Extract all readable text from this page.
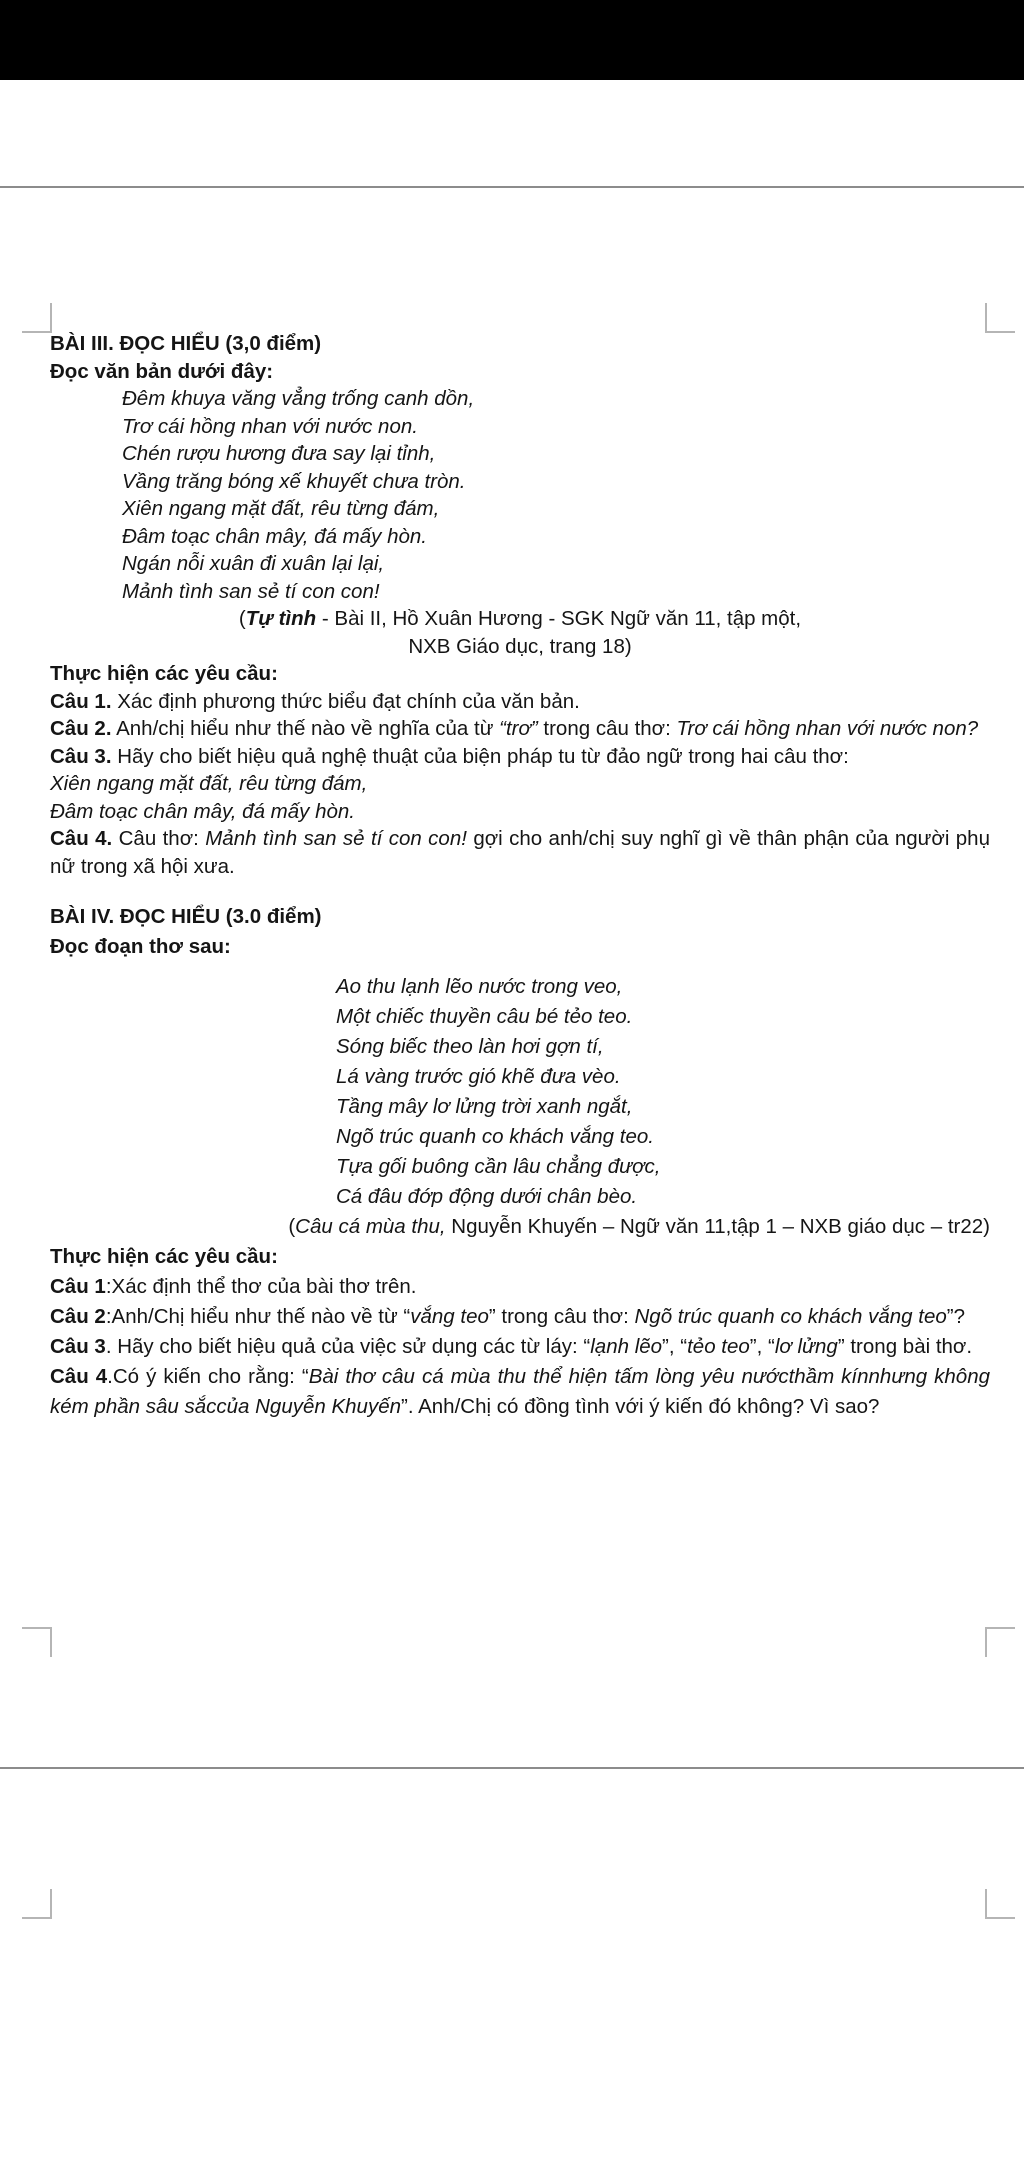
BÀI III. ĐỌC HIỂU (3,0 điểm)

Đọc văn bản dưới đây:

Đêm khuya văng vẳng trống canh dồn,

Trơ cái hồng nhan với nước non.

Chén rượu hương đưa say lại tỉnh,

Vầng trăng bóng xế khuyết chưa tròn.

Xiên ngang mặt đất, rêu từng đám,

Đâm toạc chân mây, đá mấy hòn.

Ngán nỗi xuân đi xuân lại lại,

Mảnh tình san sẻ tí con con!

(Tự tình - Bài II, Hồ Xuân Hương - SGK Ngữ văn 11, tập một,

NXB Giáo dục, trang 18)

Thực hiện các yêu cầu:

Câu 1. Xác định phương thức biểu đạt chính của văn bản.

Câu 2. Anh/chị hiểu như thế nào về nghĩa của từ “trơ” trong câu thơ: Trơ cái hồng nhan với nước non?

Câu 3. Hãy cho biết hiệu quả nghệ thuật của biện pháp tu từ đảo ngữ trong hai câu thơ:

Xiên ngang mặt đất, rêu từng đám,

Đâm toạc chân mây, đá mấy hòn.

Câu 4. Câu thơ: Mảnh tình san sẻ tí con con! gợi cho anh/chị suy nghĩ gì về thân phận của người phụ nữ trong xã hội xưa.

BÀI IV. ĐỌC HIỂU (3.0 điểm)

Đọc đoạn thơ sau:

Ao thu lạnh lẽo nước trong veo,

Một chiếc thuyền câu bé tẻo teo.

Sóng biếc theo làn hơi gợn tí,

Lá vàng trước gió khẽ đưa vèo.

Tầng mây lơ lửng trời xanh ngắt,

Ngõ trúc quanh co khách vắng teo.

Tựa gối buông cần lâu chẳng được,

Cá đâu đớp động dưới chân bèo.

(Câu cá mùa thu, Nguyễn Khuyến – Ngữ văn 11,tập 1 – NXB giáo dục – tr22)

Thực hiện các yêu cầu:

Câu 1:Xác định thể thơ của bài thơ trên.

Câu 2:Anh/Chị hiểu như thế nào về từ “vắng teo” trong câu thơ: Ngõ trúc quanh co khách vắng teo”?

Câu 3. Hãy cho biết hiệu quả của việc sử dụng các từ láy: “lạnh lẽo”, “tẻo teo”, “lơ lửng” trong bài thơ.

Câu 4.Có ý kiến cho rằng: “Bài thơ câu cá mùa thu thể hiện tấm lòng yêu nướcthầm kínnhưng không kém phần sâu sắccủa Nguyễn Khuyến”. Anh/Chị có đồng tình với ý kiến đó không? Vì sao?
